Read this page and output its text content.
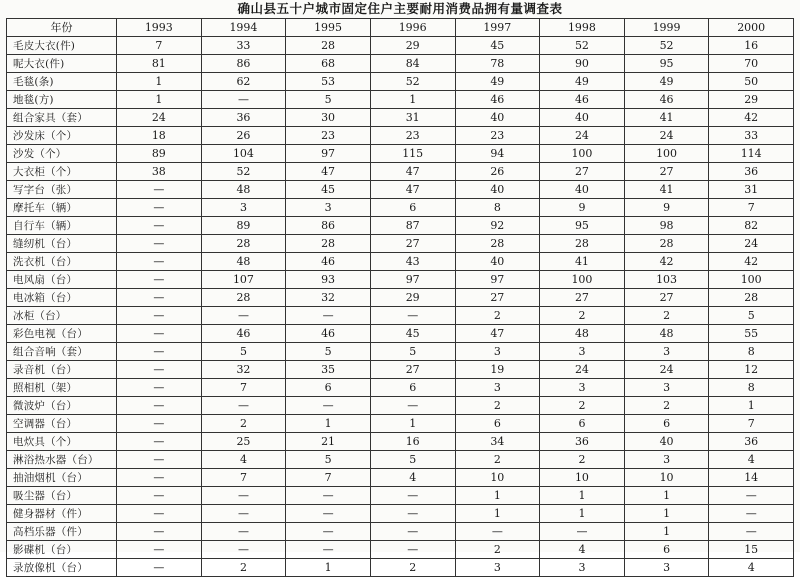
确山县五十户城市固定住户主要耐用消费品拥有量调查表
年份	1993	1994	1995	1996	1997	1998	1999	2000
毛皮大衣(件)	7	33	28	29	45	52	52	16
呢大衣(件)	81	86	68	84	78	90	95	70
毛毯(条)	1	62	53	52	49	49	49	50
地毯(方)	1	—	5	1	46	46	46	29
组合家具（套）	24	36	30	31	40	40	41	42
沙发床（个）	18	26	23	23	23	24	24	33
沙发（个）	89	104	97	115	94	100	100	114
大衣柜（个）	38	52	47	47	26	27	27	36
写字台（张）	—	48	45	47	40	40	41	31
摩托车（辆）	—	3	3	6	8	9	9	7
自行车（辆）	—	89	86	87	92	95	98	82
缝纫机（台）	—	28	28	27	28	28	28	24
洗衣机（台）	—	48	46	43	40	41	42	42
电风扇（台）	—	107	93	97	97	100	103	100
电冰箱（台）	—	28	32	29	27	27	27	28
冰柜（台）	—	—	—	—	2	2	2	5
彩色电视（台）	—	46	46	45	47	48	48	55
组合音响（套）	—	5	5	5	3	3	3	8
录音机（台）	—	32	35	27	19	24	24	12
照相机（架）	—	7	6	6	3	3	3	8
微波炉（台）	—	—	—	—	2	2	2	1
空调器（台）	—	2	1	1	6	6	6	7
电炊具（个）	—	25	21	16	34	36	40	36
淋浴热水器（台）	—	4	5	5	2	2	3	4
抽油烟机（台）	—	7	7	4	10	10	10	14
吸尘器（台）	—	—	—	—	1	1	1	—
健身器材（件）	—	—	—	—	1	1	1	—
高档乐器（件）	—	—	—	—	—	—	1	—
影碟机（台）	—	—	—	—	2	4	6	15
录放像机（台）	—	2	1	2	3	3	3	4
